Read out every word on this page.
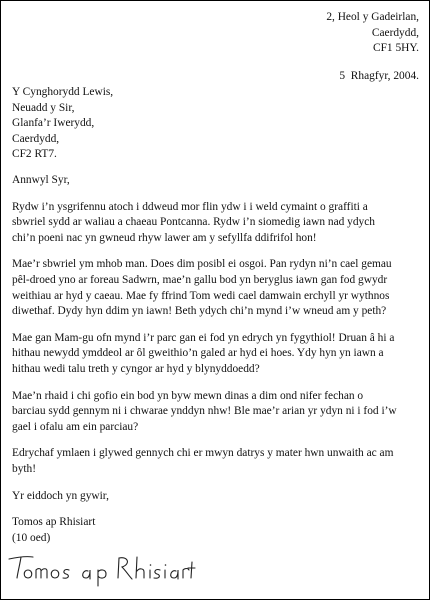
2, Heol y Gadeirlan,
Caerdydd,
CF1 5HY.
5  Rhagfyr, 2004.
Y Cynghorydd Lewis,
Neuadd y Sir,
Glanfa’r Iwerydd,
Caerdydd,
CF2 RT7.

Annwyl Syr,

Rydw i’n ysgrifennu atoch i ddweud mor flin ydw i i weld cymaint o graffiti a
sbwriel sydd ar waliau a chaeau Pontcanna. Rydw i’n siomedig iawn nad ydych
chi’n poeni nac yn gwneud rhyw lawer am y sefyllfa ddifrifol hon!

Mae’r sbwriel ym mhob man. Does dim posibl ei osgoi. Pan rydyn ni’n cael gemau
pêl-droed yno ar foreau Sadwrn, mae’n gallu bod yn beryglus iawn gan fod gwydr
weithiau ar hyd y caeau. Mae fy ffrind Tom wedi cael damwain erchyll yr wythnos
diwethaf. Dydy hyn ddim yn iawn! Beth ydych chi’n mynd i’w wneud am y peth?

Mae gan Mam-gu ofn mynd i’r parc gan ei fod yn edrych yn fygythiol! Druan â hi a
hithau newydd ymddeol ar ôl gweithio’n galed ar hyd ei hoes. Ydy hyn yn iawn a
hithau wedi talu treth y cyngor ar hyd y blynyddoedd?

Mae’n rhaid i chi gofio ein bod yn byw mewn dinas a dim ond nifer fechan o
barciau sydd gennym ni i chwarae ynddyn nhw! Ble mae’r arian yr ydyn ni i fod i’w
gael i ofalu am ein parciau?

Edrychaf ymlaen i glywed gennych chi er mwyn datrys y mater hwn unwaith ac am
byth!

Yr eiddoch yn gywir,

Tomos ap Rhisiart
(10 oed)
